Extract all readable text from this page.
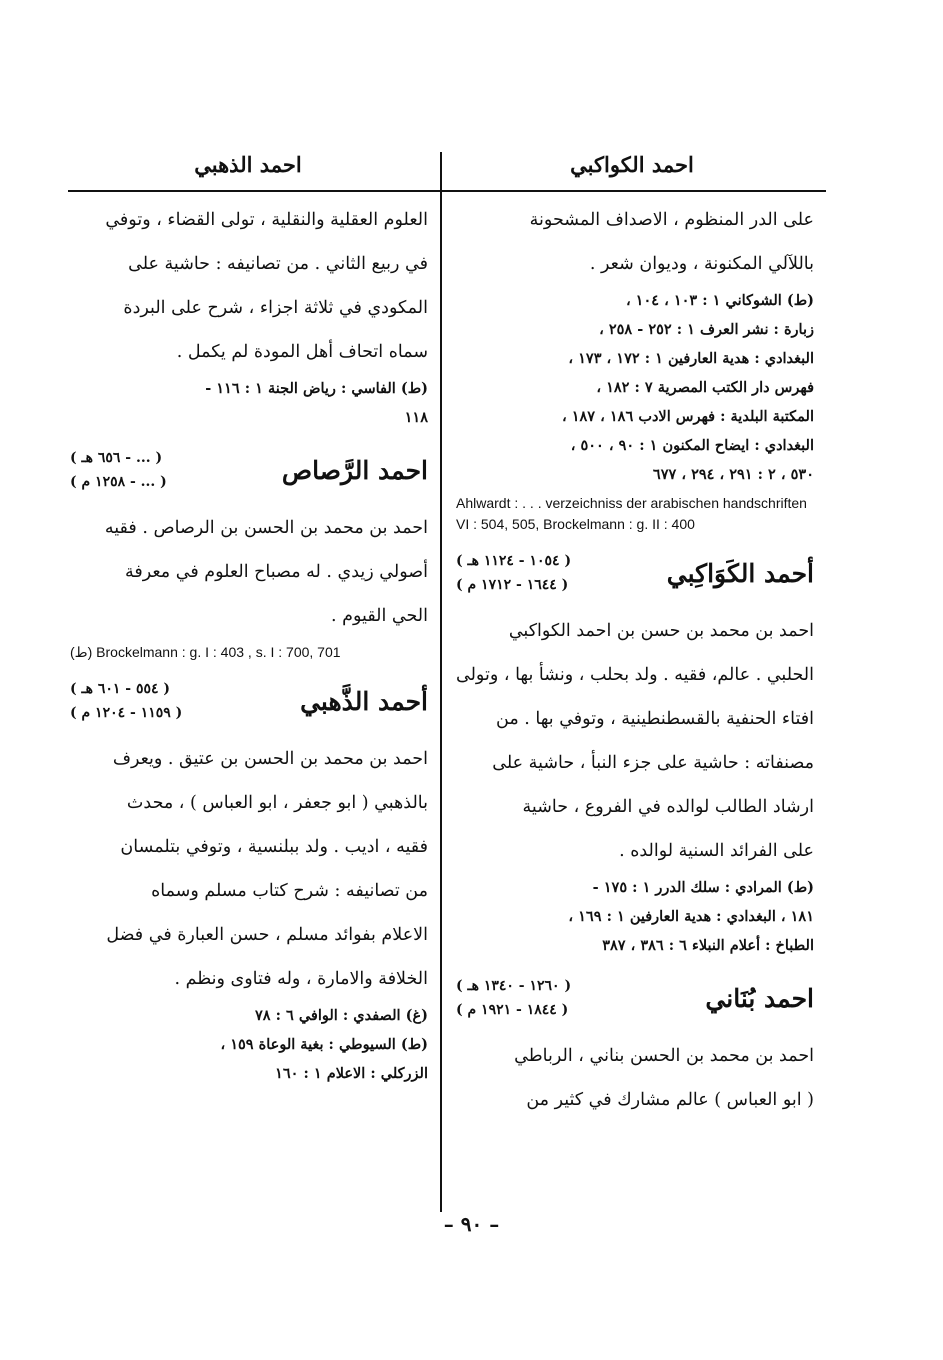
احمد الكواكبي
احمد الذهبي

على الدر المنظوم ، الاصداف المشحونة

باللآلي المكنونة ، وديوان شعر .

(ط) الشوكاني ١ : ١٠٣ ، ١٠٤ ،

زبارة : نشر العرف ١ : ٢٥٢ - ٢٥٨ ،

البغدادي : هدية العارفين ١ : ١٧٢ ، ١٧٣ ،

فهرس دار الكتب المصرية ٧ : ١٨٢ ،

المكتبة البلدية : فهرس الادب ١٨٦ ، ١٨٧ ،

البغدادي : ايضاح المكنون ١ : ٩٠ ، ٥٠٠ ،

٥٣٠ ، ٢ : ٢٩١ ، ٢٩٤ ، ٦٧٧

Ahlwardt : . . . verzeichniss der arabischen handschriften VI : 504, 505, Brockelmann : g. II : 400

أحمد الكَوَاكِبي
( ١٠٥٤ - ١١٢٤ هـ )
( ١٦٤٤ - ١٧١٢ م )

احمد بن محمد بن حسن بن احمد الكواكبي

الحلبي . عالم، فقيه . ولد بحلب ، ونشأ بها ، وتولى

افتاء الحنفية بالقسطنطينية ، وتوفي بها . من

مصنفاته : حاشية على جزء النبأ ، حاشية على

ارشاد الطالب لوالده في الفروع ، حاشية

على الفرائد السنية لوالده .

(ط) المرادي : سلك الدرر ١ : ١٧٥ -

١٨١ ، البغدادي : هدية العارفين ١ : ١٦٩ ،

الطباخ : أعلام النبلاء ٦ : ٣٨٦ ، ٣٨٧

احمد بُنَاني
( ١٢٦٠ - ١٣٤٠ هـ )
( ١٨٤٤ - ١٩٢١ م )

احمد بن محمد بن الحسن بناني ، الرباطي

( ابو العباس ) عالم مشارك في كثير من

العلوم العقلية والنقلية ، تولى القضاء ، وتوفي

في ربيع الثاني . من تصانيفه : حاشية على

المكودي في ثلاثة اجزاء ، شرح على البردة

سماه اتحاف أهل المودة لم يكمل .

(ط) الفاسي : رياض الجنة ١ : ١١٦ -

١١٨

احمد الرَّصاص
( ... - ٦٥٦ هـ )
( ... - ١٢٥٨ م )

احمد بن محمد بن الحسن بن الرصاص . فقيه

أصولي زيدي . له مصباح العلوم في معرفة

الحي القيوم .

(ط) Brockelmann : g. I : 403 , s. I : 700, 701

أحمد الذَّهبي
( ٥٥٤ - ٦٠١ هـ )
( ١١٥٩ - ١٢٠٤ م )

احمد بن محمد بن الحسن بن عتيق . ويعرف

بالذهبي ( ابو جعفر ، ابو العباس ) ، محدث

فقيه ، اديب . ولد ببلنسية ، وتوفي بتلمسان

من تصانيفه : شرح كتاب مسلم وسماه

الاعلام بفوائد مسلم ، حسن العبارة في فضل

الخلافة والامارة ، وله فتاوى ونظم .

(غ) الصفدي : الوافي ٦ : ٧٨

(ط) السيوطي : بغية الوعاة ١٥٩ ،

الزركلي : الاعلام ١ : ١٦٠

– ٩٠ –
